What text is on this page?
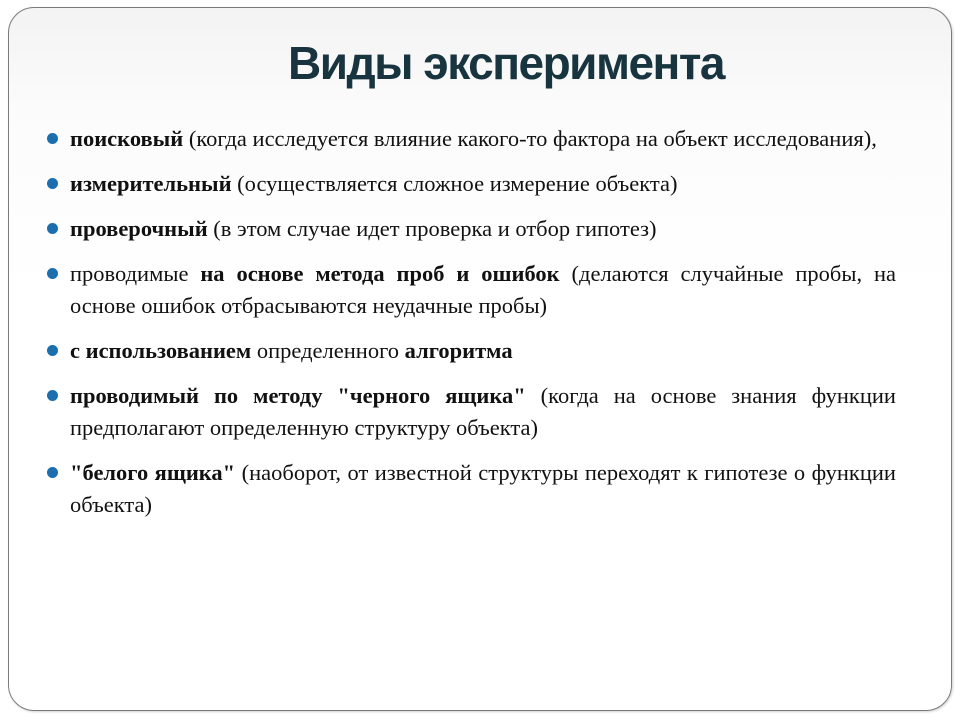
Виды эксперимента
поисковый (когда исследуется влияние какого-то фактора на объект исследования),
измерительный (осуществляется сложное измерение объекта)
проверочный (в этом случае идет проверка и отбор гипотез)
проводимые на основе метода проб и ошибок (делаются случайные пробы, на основе ошибок отбрасываются неудачные пробы)
с использованием определенного алгоритма
проводимый по методу "черного ящика" (когда на основе знания функции предполагают определенную структуру объекта)
"белого ящика" (наоборот, от известной структуры переходят к гипотезе о функции объекта)
